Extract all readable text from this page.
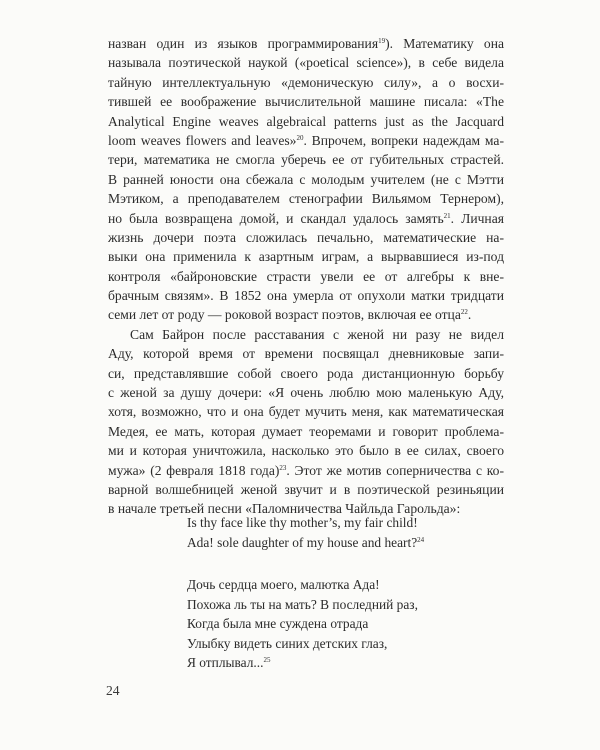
назван один из языков программирования$^{19}$). Математику она
называла поэтической наукой («poetical science»), в себе видела
тайную интеллектуальную «демоническую силу», а о восхи-
тившей ее воображение вычислительной машине писала: «The
Analytical Engine weaves algebraical patterns just as the Jacquard
loom weaves flowers and leaves»$^{20}$. Впрочем, вопреки надеждам ма-
тери, математика не смогла уберечь ее от губительных страстей.
В ранней юности она сбежала с молодым учителем (не с Мэтти
Мэтиком, а преподавателем стенографии Вильямом Тернером),
но была возвращена домой, и скандал удалось замять$^{21}$. Личная
жизнь дочери поэта сложилась печально, математические на-
выки она применила к азартным играм, а вырвавшиеся из-под
контроля «байроновские страсти увели ее от алгебры к внe-
брачным связям». В 1852 она умерла от опухоли матки тридцати
семи лет от роду — роковой возраст поэтов, включая ее отца$^{22}$.
Сам Байрон после расставания с женой ни разу не видел
Аду, которой время от времени посвящал дневниковые запи-
си, представлявшие собой своего рода дистанционную борьбу
с женой за душу дочери: «Я очень люблю мою маленькую Аду,
хотя, возможно, что и она будет мучить меня, как математическая
Медея, ее мать, которая думает теоремами и говорит проблема-
ми и которая уничтожила, насколько это было в ее силах, своего
мужа» (2 февраля 1818 года)$^{23}$. Этот же мотив соперничества с ко-
варной волшебницей женой звучит и в поэтической резиньяции
в начале третьей песни «Паломничества Чайльда Гарольда»:
Is thy face like thy mother’s, my fair child!
Ada! sole daughter of my house and heart?$^{24}$
Дочь сердца моего, малютка Ада!
Похожа ль ты на мать? В последний раз,
Когда была мне суждена отрада
Улыбку видеть синих детских глаз,
Я отплывал...$^{25}$
24
